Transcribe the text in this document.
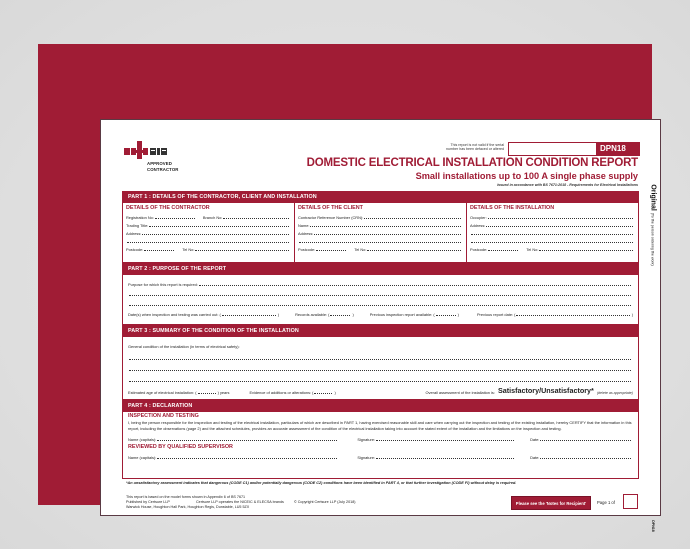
APPROVED
CONTRACTOR
This report is not valid if the serial
number has been defaced or altered	DPN18
DOMESTIC ELECTRICAL INSTALLATION CONDITION REPORT
Small installations up to 100 A single phase supply
Issued in accordance with BS 7671:2018 - Requirements for Electrical Installations Original (To the person ordering the work)
PART 1 : DETAILS OF THE CONTRACTOR, CLIENT AND INSTALLATION
DETAILS OF THE CONTRACTOR
Registration No:	Branch No:
Trading Title:
Address:
Postcode:	Tel No:
DETAILS OF THE CLIENT
Contractor Reference Number (CRN):
Name:
Address:
Postcode:	Tel No:
DETAILS OF THE INSTALLATION
Occupier:
Address:
Postcode:	Tel No:
PART 2 : PURPOSE OF THE REPORT
Purpose for which this report is required:
Date(s) when inspection and testing was carried out: (	)	Records available: (	)	Previous inspection report available: (	)	Previous report date: (	)
PART 3 : SUMMARY OF THE CONDITION OF THE INSTALLATION
General condition of the installation (in terms of electrical safety):
Estimated age of electrical installation: (	) years	Evidence of additions or alterations: (	)	Overall assessment of the installation is: Satisfactory/Unsatisfactory* (delete as appropriate)
PART 4 : DECLARATION
INSPECTION AND TESTING
I, being the person responsible for the inspection and testing of the electrical installation, particulars of which are described in PART 1, having exercised reasonable skill and care when carrying out the inspection and testing of the existing installation, hereby CERTIFY that the information in this report, including the observations (page 2) and the attached schedules, provides an accurate assessment of the condition of the electrical installation taking into account the stated extent of the installation and the limitations on the inspection and testing.
Name (capitals):	Signature:	Date:
REVIEWED BY QUALIFIED SUPERVISOR
Name (capitals):	Signature:	Date:
*An unsatisfactory assessment indicates that dangerous (CODE C1) and/or potentially dangerous (CODE C2) conditions have been identified in PART 4, or that further investigation (CODE FI) without delay is required.
This report is based on the model forms shown in Appendix 6 of BS 7671
Published by Certsure LLP
Warwick House, Houghton Hall Park, Houghton Regis, Dunstable, LU5 5ZX
Certsure LLP operates the NICEIC & ELECSA brands	© Copyright Certsure LLP (July 2018)	Please see the 'Notes for Recipient'	Page 1 of
DPN18
